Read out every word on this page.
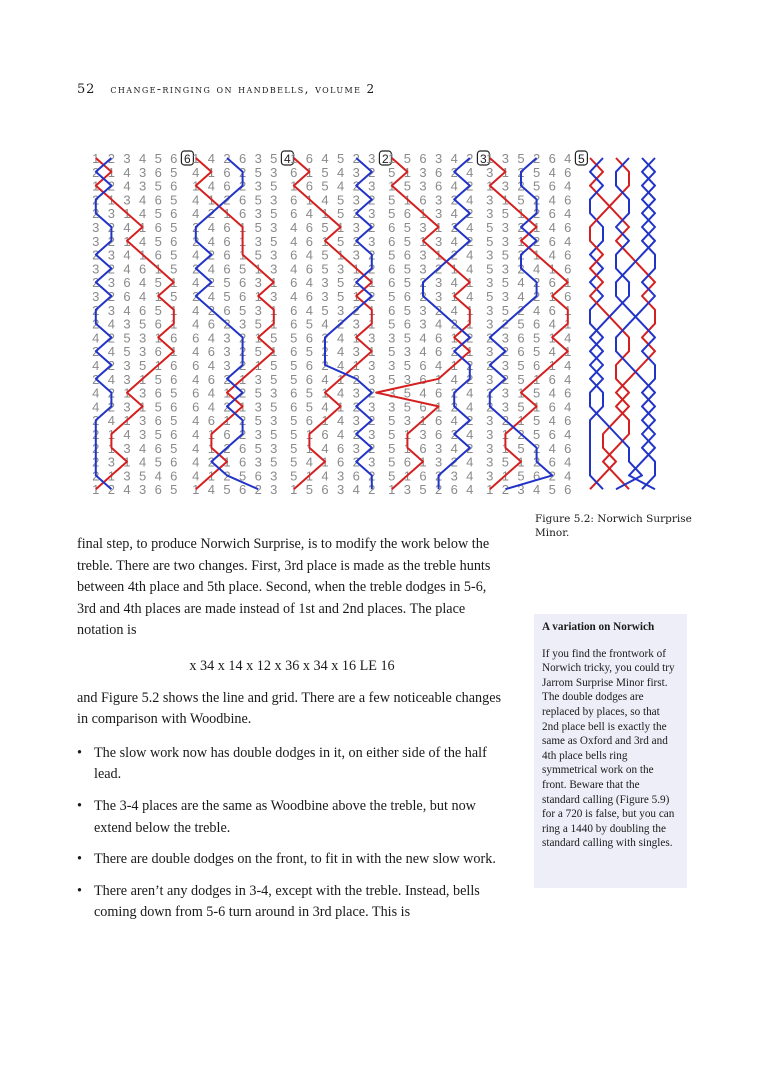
52 change-ringing on handbells, volume 2
1 2 3 4 5 6
2 1 4 3 6 5
1 2 4 3 5 6
2 1 3 4 6 5
2 3 1 4 5 6
3 2 4 1 6 5
3 2 1 4 5 6
2 3 4 1 6 5
3 2 4 6 1 5
2 3 6 4 5 1
3 2 6 4 1 5
2 3 4 6 5 1
2 4 3 5 6 1
4 2 5 3 1 6
2 4 5 3 6 1
4 2 3 5 1 6
2 4 3 1 5 6
4 2 1 3 6 5
4 2 3 1 5 6
2 4 1 3 6 5
2 1 4 3 5 6
2 1 3 4 6 5
2 3 1 4 5 6
2 1 3 5 4 6
1 2 4 3 6 5
6 1 4 2 6 3 5
4 1 6 2 5 3
1 4 6 2 3 5
4 1 2 6 5 3
4 2 1 6 3 5
2 4 6 1 5 3
2 4 6 1 3 5
4 2 6 1 5 3
2 4 6 5 1 3
4 2 5 6 3 1
2 4 5 6 1 3
4 2 6 5 3 1
4 6 2 3 5 1
6 4 3 2 1 5
4 6 3 2 5 1
6 4 3 2 1 5
4 6 2 1 3 5
6 4 1 2 5 3
6 4 2 1 3 5
4 6 1 2 5 3
4 1 6 2 3 5
4 1 2 6 5 3
4 2 1 6 3 5
4 1 2 5 6 3
1 4 5 6 2 3
4 1 6 4 5 2 3
6 1 5 4 3 2
1 6 5 4 2 3
6 1 4 5 3 2
6 4 1 5 2 3
4 6 5 1 3 2
4 6 1 5 2 3
6 4 5 1 3 2
4 6 5 3 1 2
6 4 3 5 2 1
4 6 3 5 1 2
6 4 5 3 2 1
6 5 4 2 3 1
5 6 2 4 1 3
6 5 2 4 3 1
5 6 2 4 1 3
5 6 4 1 2 3
6 5 1 4 3 2
6 5 4 1 2 3
5 6 1 4 3 2
5 1 6 4 2 3
5 1 4 6 3 2
5 4 1 6 2 3
5 1 4 3 6 2
1 5 6 3 4 2
2 1 5 6 3 4 2
5 1 3 6 2 4
1 5 3 6 4 2
5 1 6 3 2 4
5 6 1 3 4 2
6 5 3 1 2 4
6 5 1 3 4 2
5 6 3 1 2 4
6 5 3 2 1 4
6 5 2 3 4 1
5 6 2 3 1 4
6 5 3 2 4 1
5 6 3 4 2 1
3 5 4 6 1 2
5 3 4 6 2 1
3 5 6 4 1 2
5 3 6 1 4 2
3 5 4 6 2 4
3 5 6 1 2 4
5 3 1 6 4 2
5 1 3 6 2 4
5 1 6 3 4 2
5 6 1 3 2 4
5 1 6 2 3 4
1 3 5 2 6 4
3 1 3 5 2 6 4
3 1 2 5 4 6
1 3 2 5 6 4
3 1 5 2 4 6
3 5 1 2 6 4
5 3 2 1 4 6
5 3 1 2 6 4
3 5 2 1 4 6
5 3 2 4 1 6
3 5 4 2 6 1
5 3 4 2 1 6
3 5 2 4 6 1
3 2 5 6 4 1
2 3 6 5 1 4
3 2 6 5 4 1
2 3 5 6 1 4
3 2 5 1 6 4
2 3 1 5 4 6
2 3 5 1 6 4
3 2 1 5 4 6
3 1 2 5 6 4
3 1 5 2 4 6
3 5 1 2 6 4
3 1 5 6 2 4
1 2 3 4 5 6
5
Figure 5.2: Norwich Surprise Minor.

final step, to produce Norwich Surprise, is to modify the work below the treble. There are two changes. First, 3rd place is made as the treble hunts between 4th place and 5th place. Second, when the treble dodges in 5-6, 3rd and 4th places are made instead of 1st and 2nd places. The place notation is

x 34 x 14 x 12 x 36 x 34 x 16 LE 16

and Figure 5.2 shows the line and grid. There are a few noticeable changes in comparison with Woodbine.

• The slow work now has double dodges in it, on either side of the half lead.
• The 3-4 places are the same as Woodbine above the treble, but now extend below the treble.
• There are double dodges on the front, to fit in with the new slow work.
• There aren’t any dodges in 3-4, except with the treble. Instead, bells coming down from 5-6 turn around in 3rd place. This is

A variation on Norwich

If you find the frontwork of Norwich tricky, you could try Jarrom Surprise Minor first. The double dodges are replaced by places, so that 2nd place bell is exactly the same as Oxford and 3rd and 4th place bells ring symmetrical work on the front. Beware that the standard calling (Figure 5.9) for a 720 is false, but you can ring a 1440 by doubling the standard calling with singles.
